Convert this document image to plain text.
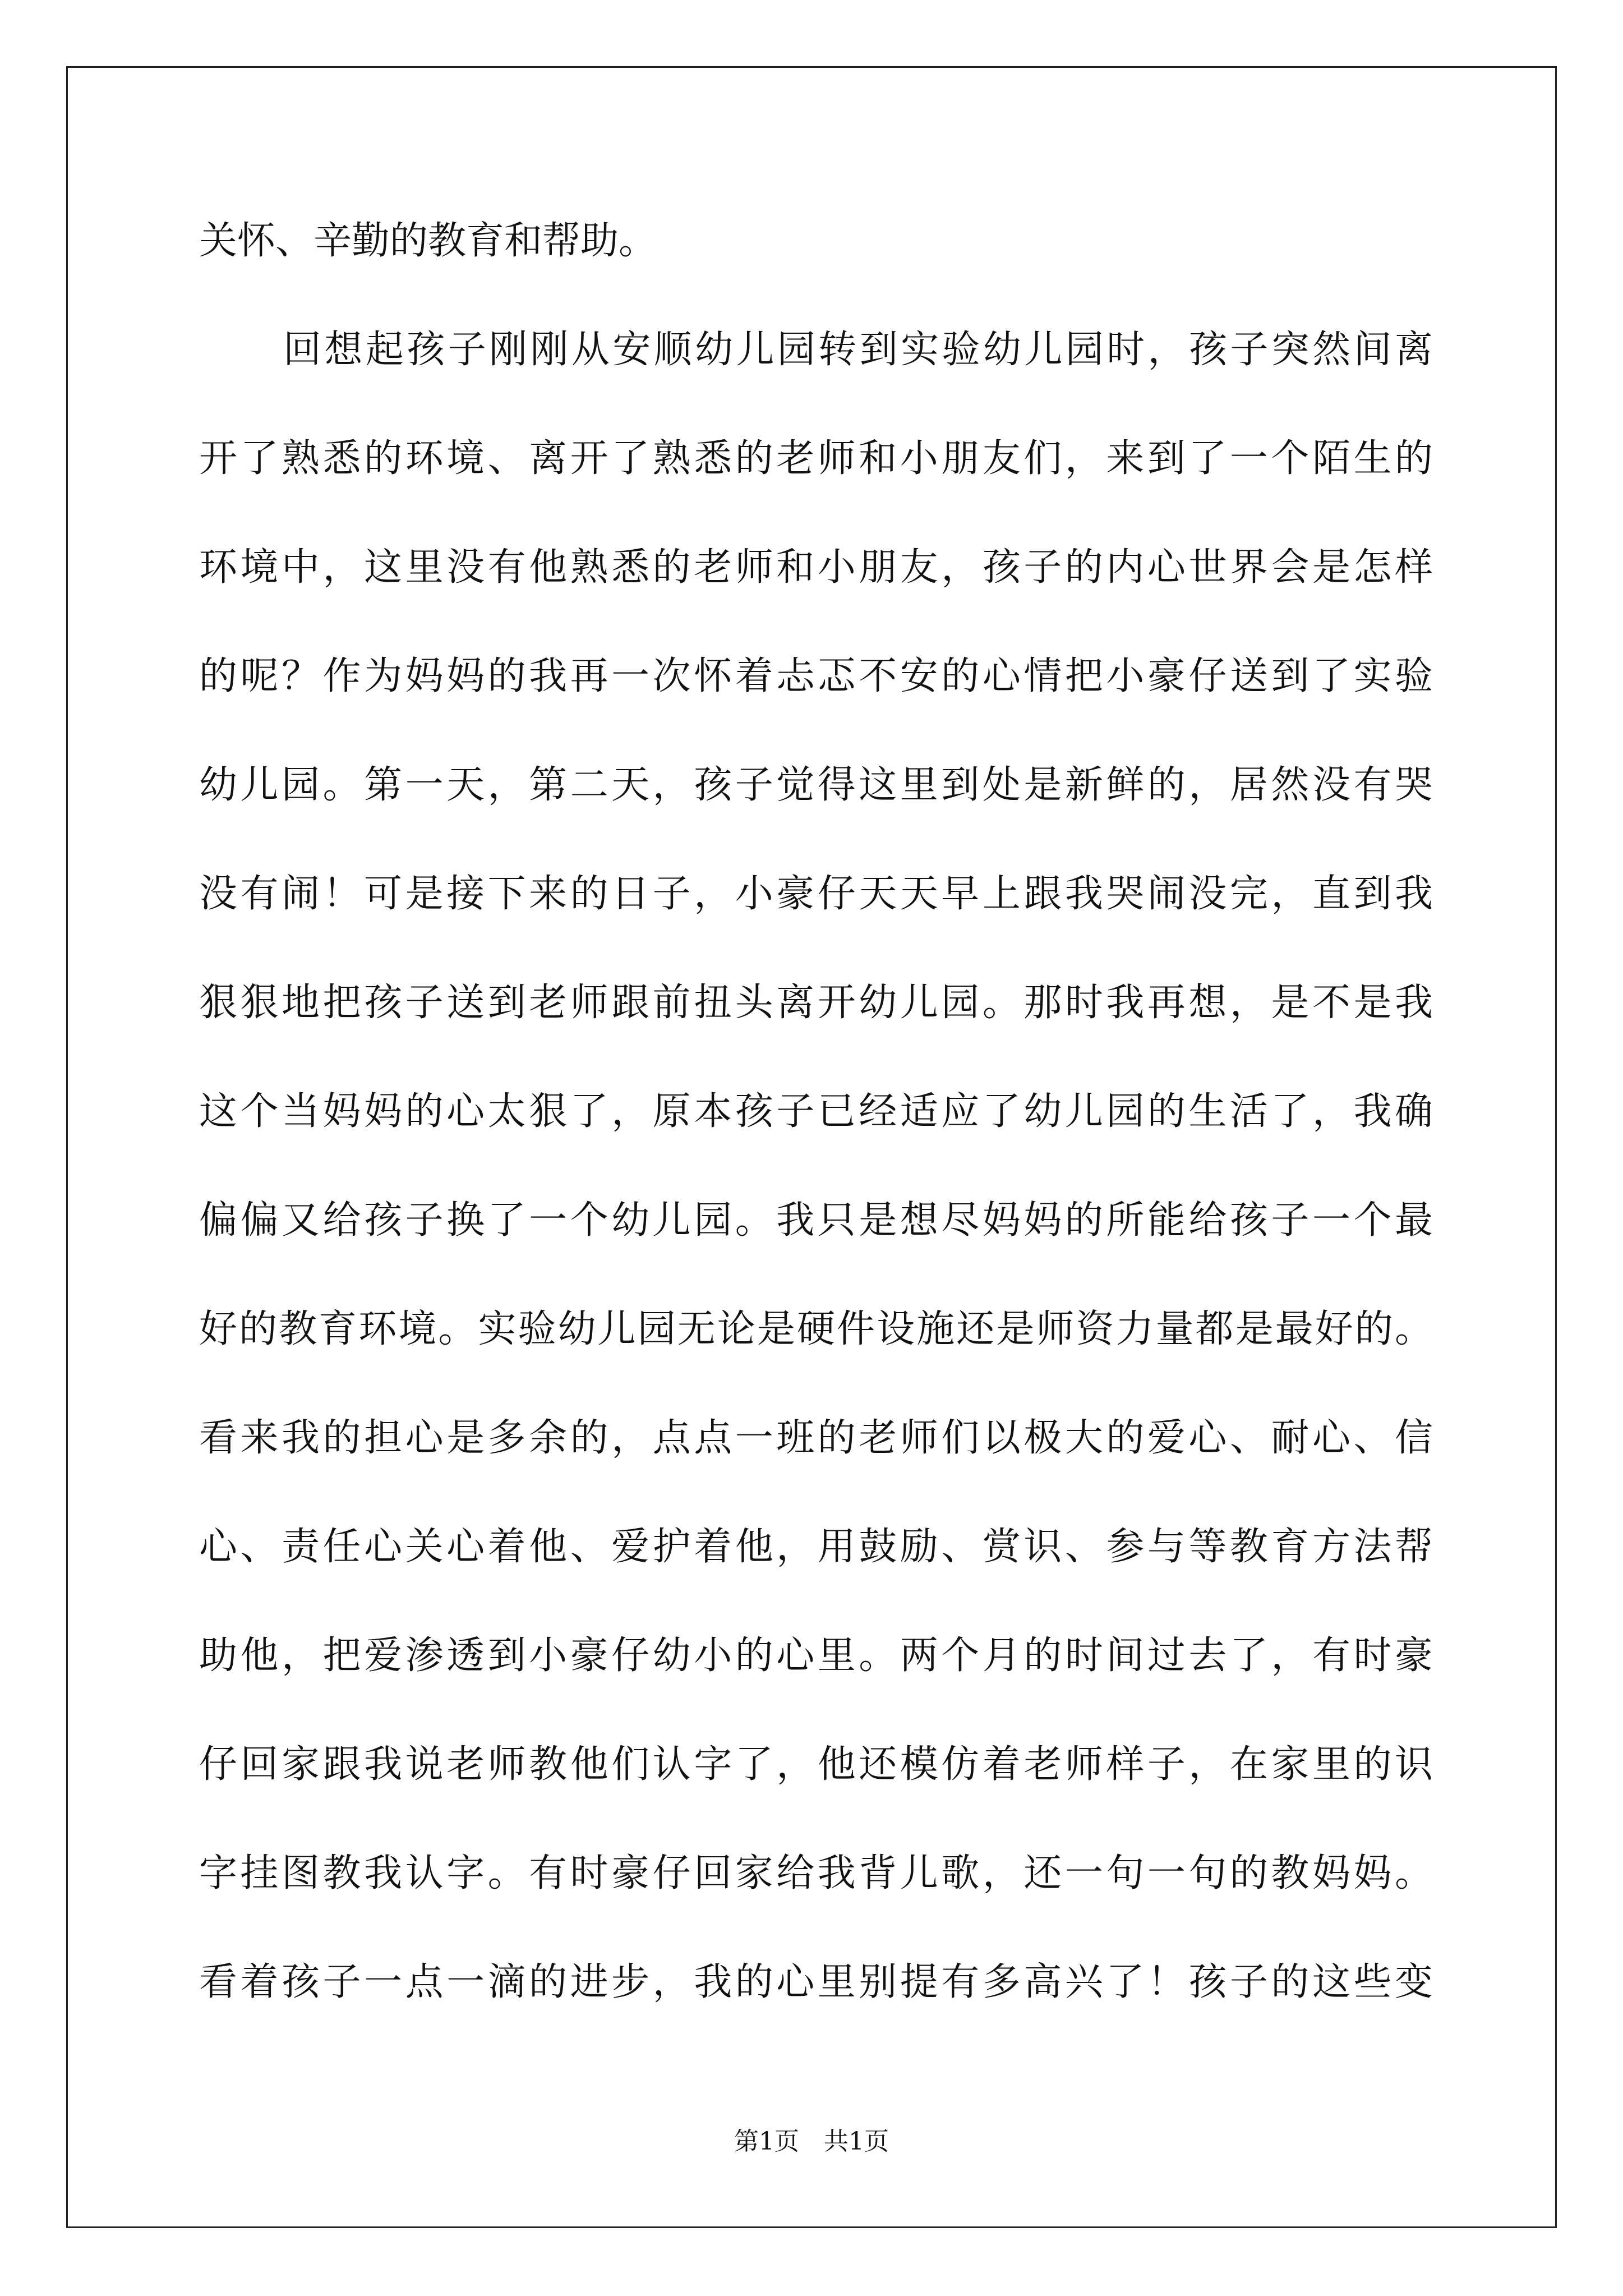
关怀、辛勤的教育和帮助。
回想起孩子刚刚从安顺幼儿园转到实验幼儿园时，孩子突然间离
开了熟悉的环境、离开了熟悉的老师和小朋友们，来到了一个陌生的
环境中，这里没有他熟悉的老师和小朋友，孩子的内心世界会是怎样
的呢？作为妈妈的我再一次怀着忐忑不安的心情把小豪仔送到了实验
幼儿园。第一天，第二天，孩子觉得这里到处是新鲜的，居然没有哭
没有闹！可是接下来的日子，小豪仔天天早上跟我哭闹没完，直到我
狠狠地把孩子送到老师跟前扭头离开幼儿园。那时我再想，是不是我
这个当妈妈的心太狠了，原本孩子已经适应了幼儿园的生活了，我确
偏偏又给孩子换了一个幼儿园。我只是想尽妈妈的所能给孩子一个最
好的教育环境。实验幼儿园无论是硬件设施还是师资力量都是最好的。
看来我的担心是多余的，点点一班的老师们以极大的爱心、耐心、信
心、责任心关心着他、爱护着他，用鼓励、赏识、参与等教育方法帮
助他，把爱渗透到小豪仔幼小的心里。两个月的时间过去了，有时豪
仔回家跟我说老师教他们认字了，他还模仿着老师样子，在家里的识
字挂图教我认字。有时豪仔回家给我背儿歌，还一句一句的教妈妈。
看着孩子一点一滴的进步，我的心里别提有多高兴了！孩子的这些变
第1页　共1页
